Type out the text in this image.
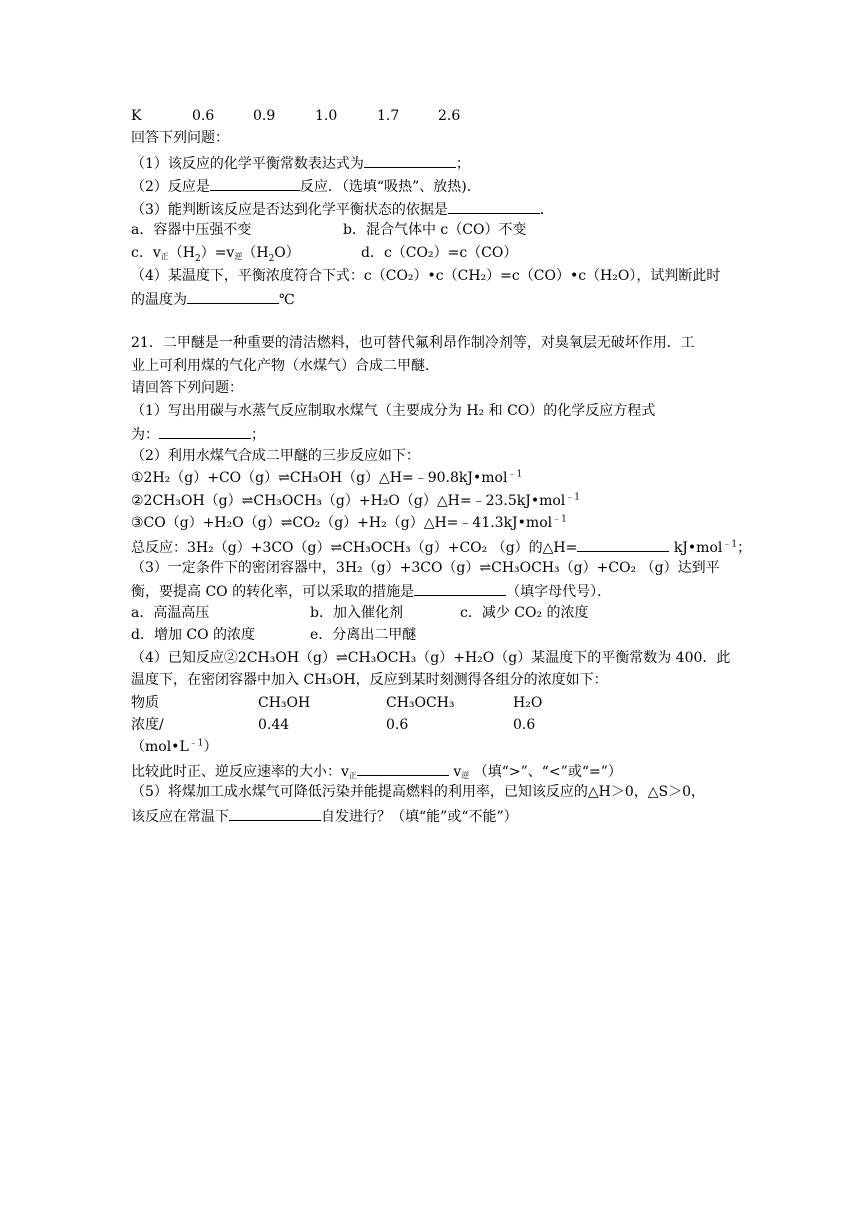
K	0.6	0.9	1.0	1.7	2.6
回答下列问题：
（1）该反应的化学平衡常数表达式为	；
（2）反应是	反应．（选填“吸热”、放热)．
（3）能判断该反应是否达到化学平衡状态的依据是	．
a．容器中压强不变	b．混合气体中 c（CO）不变
c．$v_正(H_2)=v_逆(H_2O)$	d．c（CO₂）=c（CO）
（4）某温度下，平衡浓度符合下式：c（CO₂）•c（CH₂）=c（CO）•c（H₂O），试判断此时
的温度为	℃
21．二甲醚是一种重要的清洁燃料，也可替代氟利昂作制冷剂等，对臭氧层无破坏作用．工
业上可利用煤的气化产物（水煤气）合成二甲醚．
请回答下列问题：
（1）写出用碳与水蒸气反应制取水煤气（主要成分为 H₂ 和 CO）的化学反应方程式
为：	；
（2）利用水煤气合成二甲醚的三步反应如下：
①2H₂（g）+CO（g）⇌CH₃OH（g）△H=﹣90.8kJ•mol$^{﹣1}$
②2CH₃OH（g）⇌CH₃OCH₃（g）+H₂O（g）△H=﹣23.5kJ•mol$^{﹣1}$
③CO（g）+H₂O（g）⇌CO₂（g）+H₂（g）△H=﹣41.3kJ•mol$^{﹣1}$
总反应：3H₂（g）+3CO（g）⇌CH₃OCH₃（g）+CO₂ （g）的△H=	kJ•mol$^{﹣1}$；
（3）一定条件下的密闭容器中，3H₂（g）+3CO（g）⇌CH₃OCH₃（g）+CO₂ （g）达到平
衡，要提高 CO 的转化率，可以采取的措施是	（填字母代号）．
a．高温高压	b．加入催化剂	c．减少 CO₂ 的浓度
d．增加 CO 的浓度	e．分离出二甲醚
（4）已知反应②2CH₃OH（g）⇌CH₃OCH₃（g）+H₂O（g）某温度下的平衡常数为 400．此
温度下，在密闭容器中加入 CH₃OH，反应到某时刻测得各组分的浓度如下：
物质	CH₃OH	CH₃OCH₃	H₂O
浓度/	0.44	0.6	0.6
$(mol•L^{﹣1})$
比较此时正、逆反应速率的大小：$v_正$	$v_逆$ （填“>”、“<”或“=”）
（5）将煤加工成水煤气可降低污染并能提高燃料的利用率，已知该反应的△H＞0，△S＞0，
该反应在常温下	自发进行？（填“能”或“不能”）
